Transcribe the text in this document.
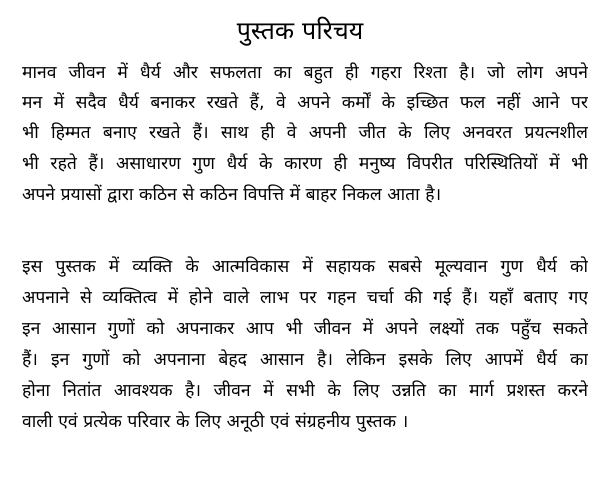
पुस्तक परिचय
मानव जीवन में धैर्य और सफलता का बहुत ही गहरा रिश्ता है। जो लोग अपने
मन में सदैव धैर्य बनाकर रखते हैं, वे अपने कर्मों के इच्छित फल नहीं आने पर
भी हिम्मत बनाए रखते हैं। साथ ही वे अपनी जीत के लिए अनवरत प्रयत्नशील
भी रहते हैं। असाधारण गुण धैर्य के कारण ही मनुष्य विपरीत परिस्थितियों में भी
अपने प्रयासों द्वारा कठिन से कठिन विपत्ति में बाहर निकल आता है।
इस पुस्तक में व्यक्ति के आत्मविकास में सहायक सबसे मूल्यवान गुण धैर्य को
अपनाने से व्यक्तित्व में होने वाले लाभ पर गहन चर्चा की गई हैं। यहाँ बताए गए
इन आसान गुणों को अपनाकर आप भी जीवन में अपने लक्ष्यों तक पहुँच सकते
हैं। इन गुणों को अपनाना बेहद आसान है। लेकिन इसके लिए आपमें धैर्य का
होना नितांत आवश्यक है। जीवन में सभी के लिए उन्नति का मार्ग प्रशस्त करने
वाली एवं प्रत्येक परिवार के लिए अनूठी एवं संग्रहनीय पुस्तक ।
